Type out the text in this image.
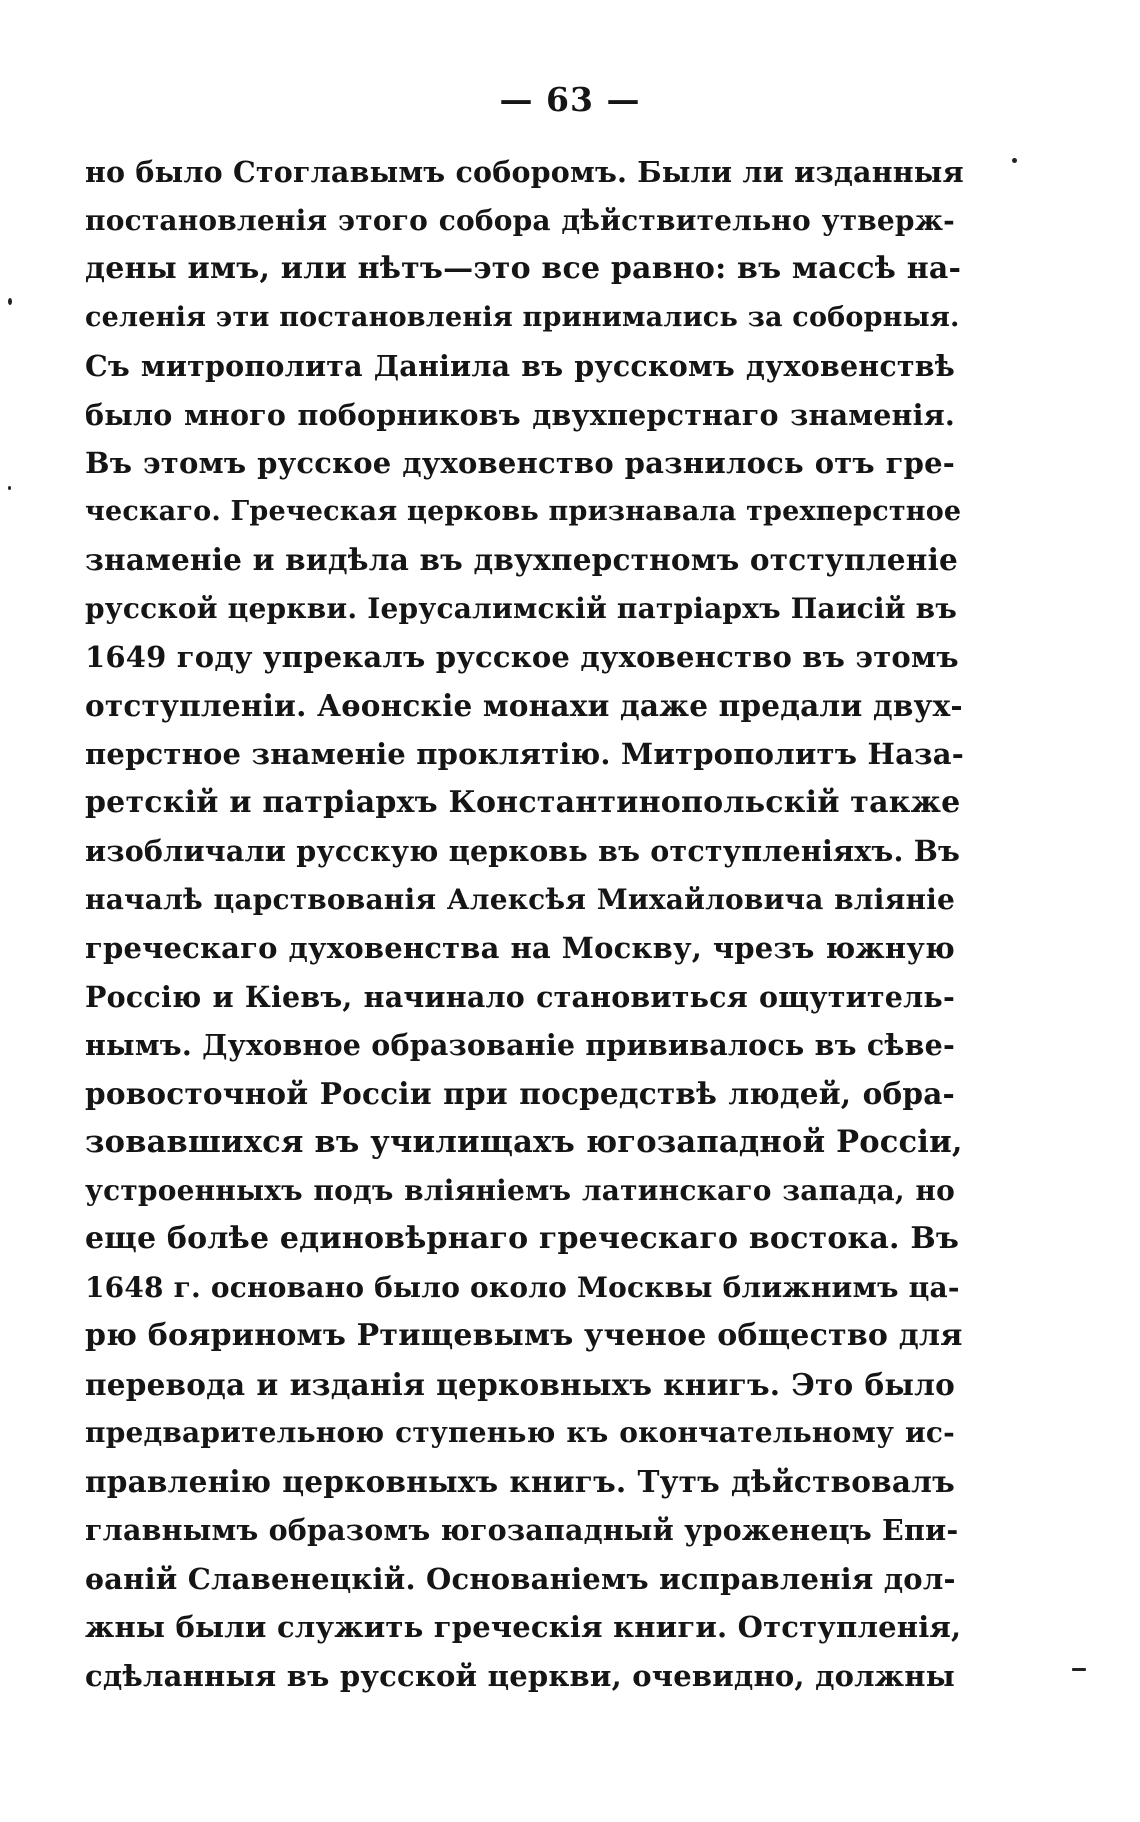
— 63 —
но было Стоглавымъ соборомъ. Были ли изданныя
постановленія этого собора дѣйствительно утверж-
дены имъ, или нѣтъ—это все равно: въ массѣ на-
селенія эти постановленія принимались за соборныя.
Съ митрополита Даніила въ русскомъ духовенствѣ
было много поборниковъ двухперстнаго знаменія.
Въ этомъ русское духовенство разнилось отъ гре-
ческаго. Греческая церковь признавала трехперстное
знаменіе и видѣла въ двухперстномъ отступленіе
русской церкви. Іерусалимскій патріархъ Паисій въ
1649 году упрекалъ русское духовенство въ этомъ
отступленіи. Аѳонскіе монахи даже предали двух-
перстное знаменіе проклятію. Митрополитъ Наза-
ретскій и патріархъ Константинопольскій также
изобличали русскую церковь въ отступленіяхъ. Въ
началѣ царствованія Алексѣя Михайловича вліяніе
греческаго духовенства на Москву, чрезъ южную
Россію и Кіевъ, начинало становиться ощутитель-
нымъ. Духовное образованіе прививалось въ сѣве-
ровосточной Россіи при посредствѣ людей, обра-
зовавшихся въ училищахъ югозападной Россіи,
устроенныхъ подъ вліяніемъ латинскаго запада, но
еще болѣе единовѣрнаго греческаго востока. Въ
1648 г. основано было около Москвы ближнимъ ца-
рю бояриномъ Ртищевымъ ученое общество для
перевода и изданія церковныхъ книгъ. Это было
предварительною ступенью къ окончательному ис-
правленію церковныхъ книгъ. Тутъ дѣйствовалъ
главнымъ образомъ югозападный уроженецъ Епи-
ѳаній Славенецкій. Основаніемъ исправленія дол-
жны были служить греческія книги. Отступленія,
сдѣланныя въ русской церкви, очевидно, должны
